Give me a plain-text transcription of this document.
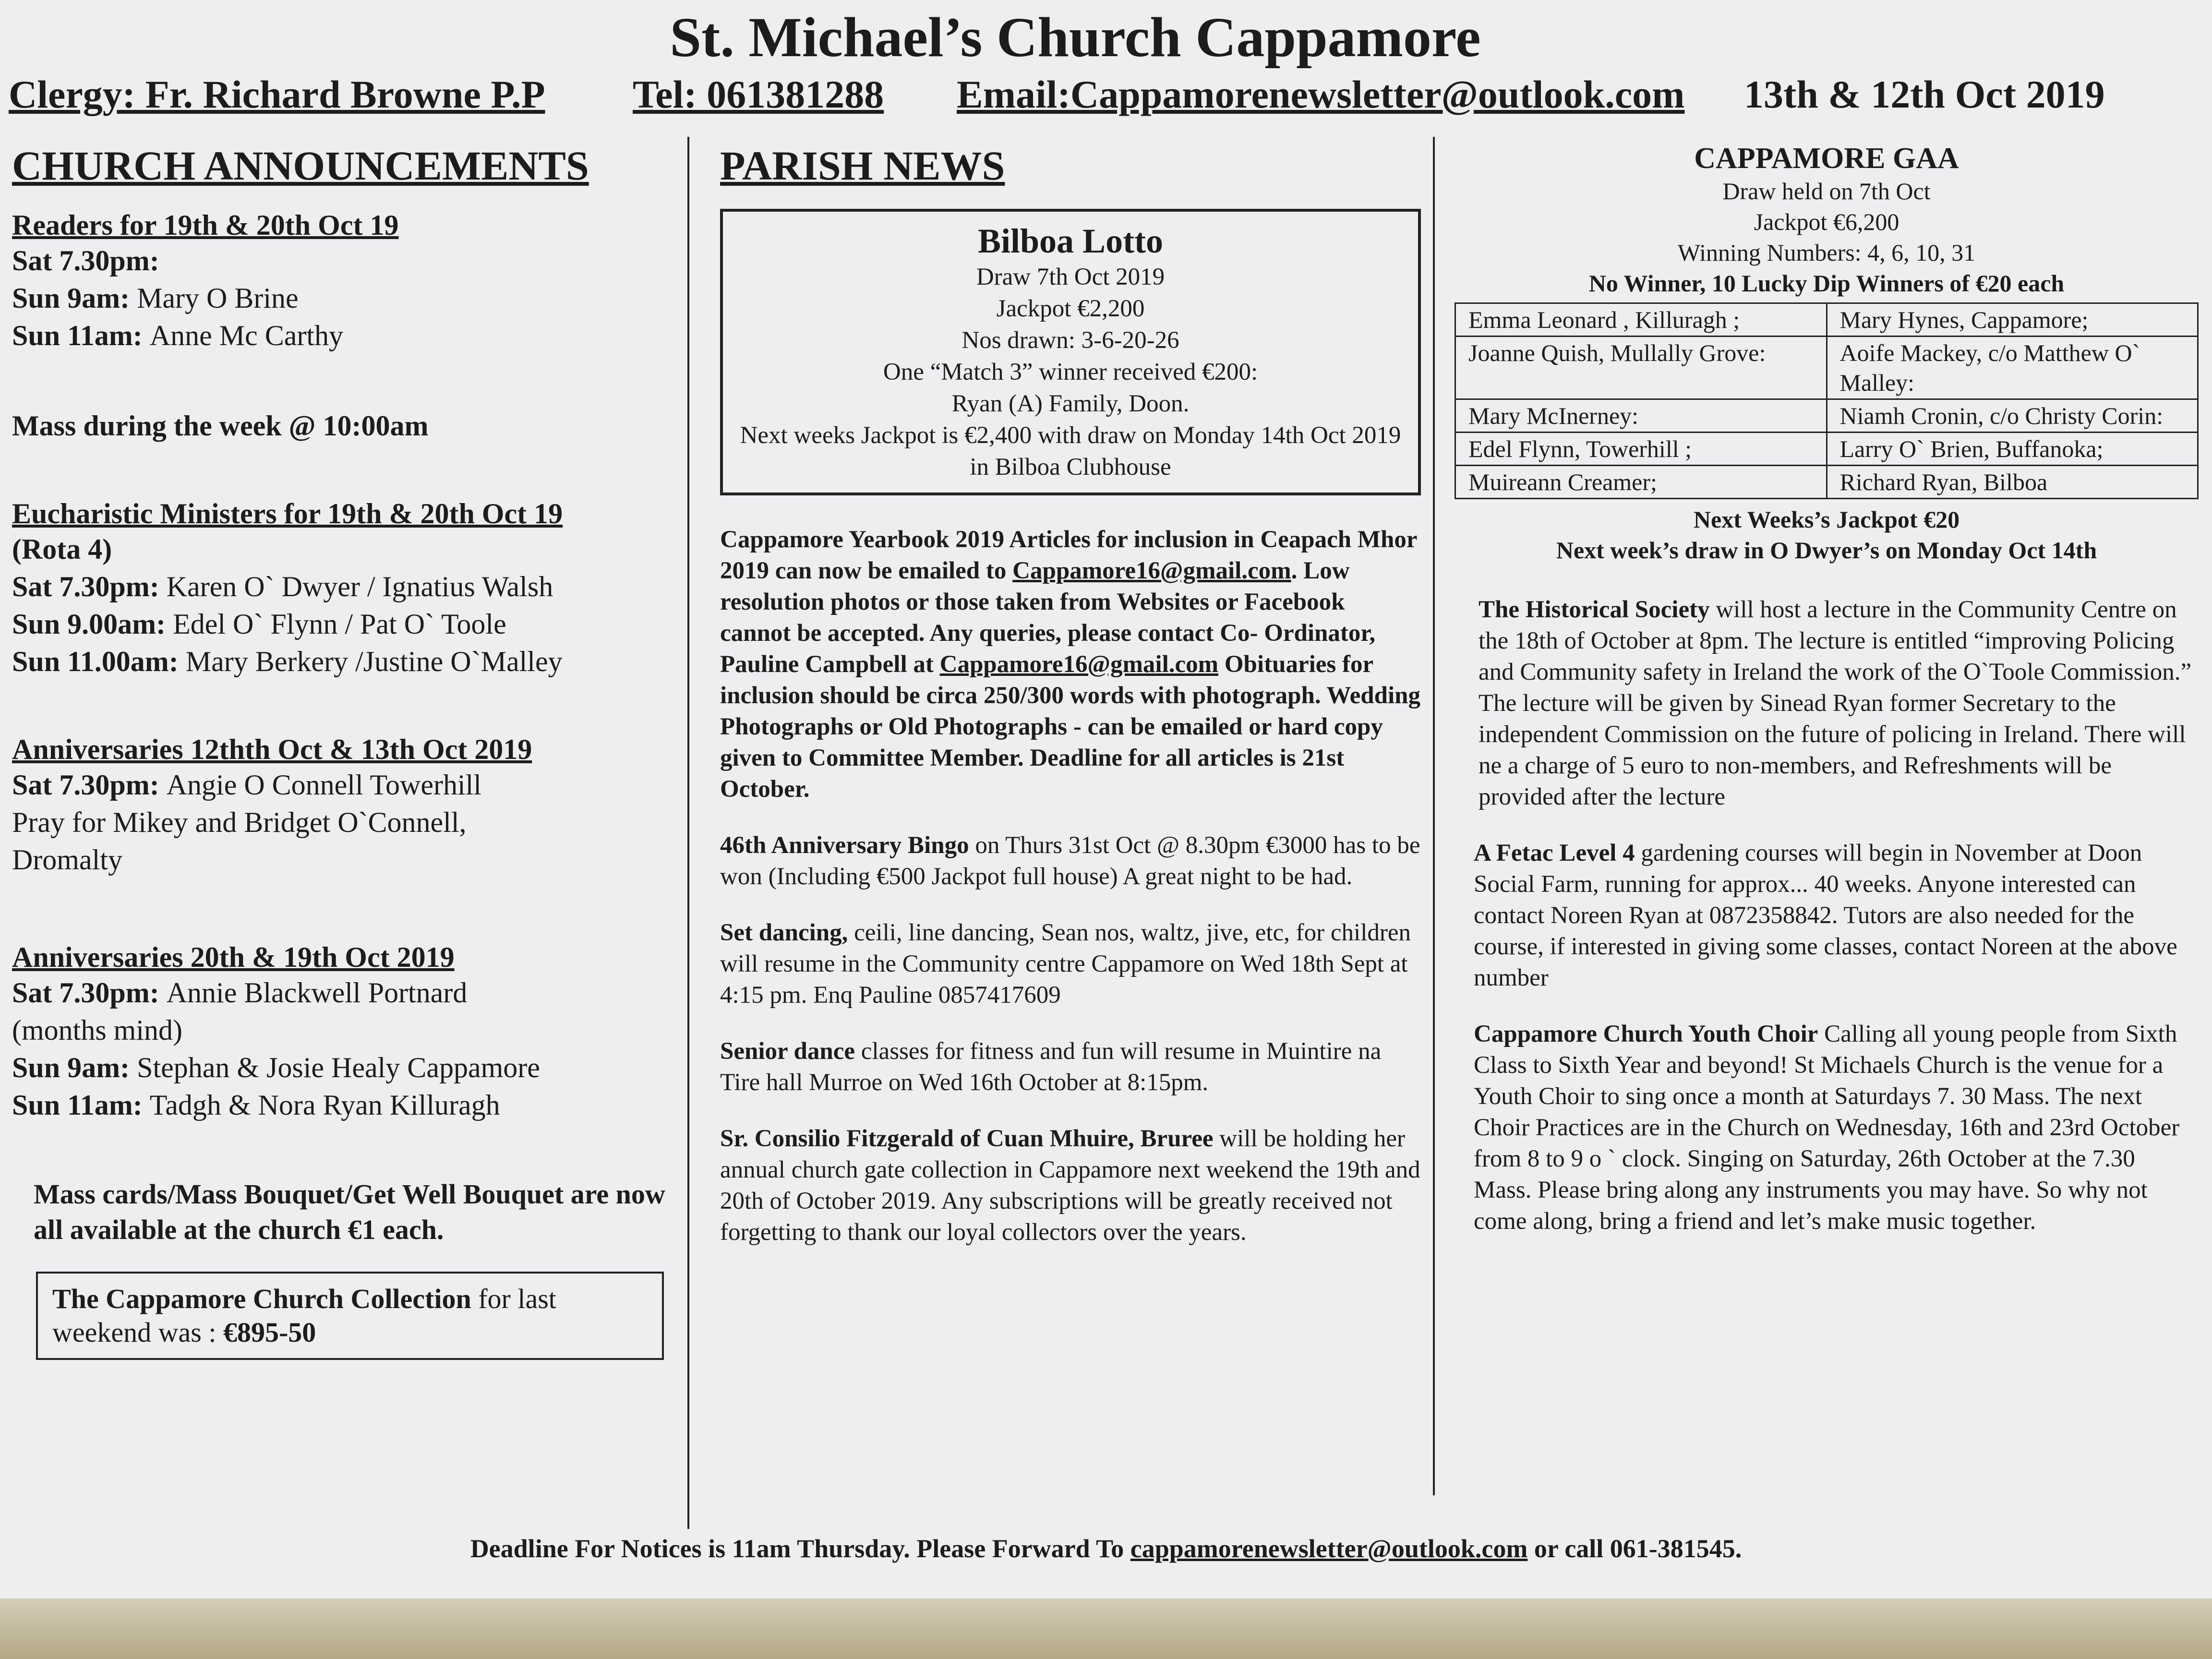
St. Michael’s Church Cappamore
Clergy: Fr. Richard Browne P.P Tel: 061381288 Email:Cappamorenewsletter@outlook.com 13th & 12th Oct 2019
CHURCH ANNOUNCEMENTS
Readers for 19th & 20th Oct 19
Sat 7.30pm:
Sun 9am: Mary O Brine
Sun 11am: Anne Mc Carthy
Mass during the week @ 10:00am
Eucharistic Ministers for 19th & 20th Oct 19
(Rota 4)
Sat 7.30pm: Karen O` Dwyer / Ignatius Walsh
Sun 9.00am: Edel O` Flynn / Pat O` Toole
Sun 11.00am: Mary Berkery /Justine O`Malley
Anniversaries 12thth Oct & 13th Oct 2019
Sat 7.30pm: Angie O Connell Towerhill
Pray for Mikey and Bridget O`Connell,
Dromalty
Anniversaries 20th & 19th Oct 2019
Sat 7.30pm: Annie Blackwell Portnard
(months mind)
Sun 9am: Stephan & Josie Healy Cappamore
Sun 11am: Tadgh & Nora Ryan Killuragh
Mass cards/Mass Bouquet/Get Well Bouquet are now all available at the church €1 each.
The Cappamore Church Collection for last weekend was : €895-50
PARISH NEWS
Bilboa Lotto
Draw 7th Oct 2019
Jackpot €2,200
Nos drawn: 3-6-20-26
One “Match 3” winner received €200:
Ryan (A) Family, Doon.
Next weeks Jackpot is €2,400 with draw on Monday 14th Oct 2019 in Bilboa Clubhouse
Cappamore Yearbook 2019 Articles for inclusion in Ceapach Mhor 2019 can now be emailed to Cappamore16@gmail.com. Low resolution photos or those taken from Websites or Facebook cannot be accepted. Any queries, please contact Co- Ordinator, Pauline Campbell at Cappamore16@gmail.com Obituaries for inclusion should be circa 250/300 words with photograph. Wedding Photographs or Old Photographs - can be emailed or hard copy given to Committee Member. Deadline for all articles is 21st October.
46th Anniversary Bingo on Thurs 31st Oct @ 8.30pm €3000 has to be won (Including €500 Jackpot full house) A great night to be had.
Set dancing, ceili, line dancing, Sean nos, waltz, jive, etc, for children will resume in the Community centre Cappamore on Wed 18th Sept at 4:15 pm. Enq Pauline 0857417609
Senior dance classes for fitness and fun will resume in Muintire na Tire hall Murroe on Wed 16th October at 8:15pm.
Sr. Consilio Fitzgerald of Cuan Mhuire, Bruree will be holding her annual church gate collection in Cappamore next weekend the 19th and 20th of October 2019. Any subscriptions will be greatly received not forgetting to thank our loyal collectors over the years.
CAPPAMORE GAA
Draw held on 7th Oct
Jackpot €6,200
Winning Numbers: 4, 6, 10, 31
No Winner, 10 Lucky Dip Winners of €20 each
Emma Leonard , Killuragh ;	Mary Hynes, Cappamore;
Joanne Quish, Mullally Grove:	Aoife Mackey, c/o Matthew O` Malley:
Mary McInerney:	Niamh Cronin, c/o Christy Corin:
Edel Flynn, Towerhill ;	Larry O` Brien, Buffanoka;
Muireann Creamer;	Richard Ryan, Bilboa
Next Weeks’s Jackpot €20
Next week’s draw in O Dwyer’s on Monday Oct 14th
The Historical Society will host a lecture in the Community Centre on the 18th of October at 8pm. The lecture is entitled “improving Policing and Community safety in Ireland the work of the O`Toole Commission.” The lecture will be given by Sinead Ryan former Secretary to the independent Commission on the future of policing in Ireland. There will ne a charge of 5 euro to non-members, and Refreshments will be provided after the lecture
A Fetac Level 4 gardening courses will begin in November at Doon Social Farm, running for approx... 40 weeks. Anyone interested can contact Noreen Ryan at 0872358842. Tutors are also needed for the course, if interested in giving some classes, contact Noreen at the above number
Cappamore Church Youth Choir Calling all young people from Sixth Class to Sixth Year and beyond! St Michaels Church is the venue for a Youth Choir to sing once a month at Saturdays 7. 30 Mass. The next Choir Practices are in the Church on Wednesday, 16th and 23rd October from 8 to 9 o ` clock. Singing on Saturday, 26th October at the 7.30 Mass. Please bring along any instruments you may have. So why not come along, bring a friend and let’s make music together.
Deadline For Notices is 11am Thursday. Please Forward To cappamorenewsletter@outlook.com or call 061-381545.
